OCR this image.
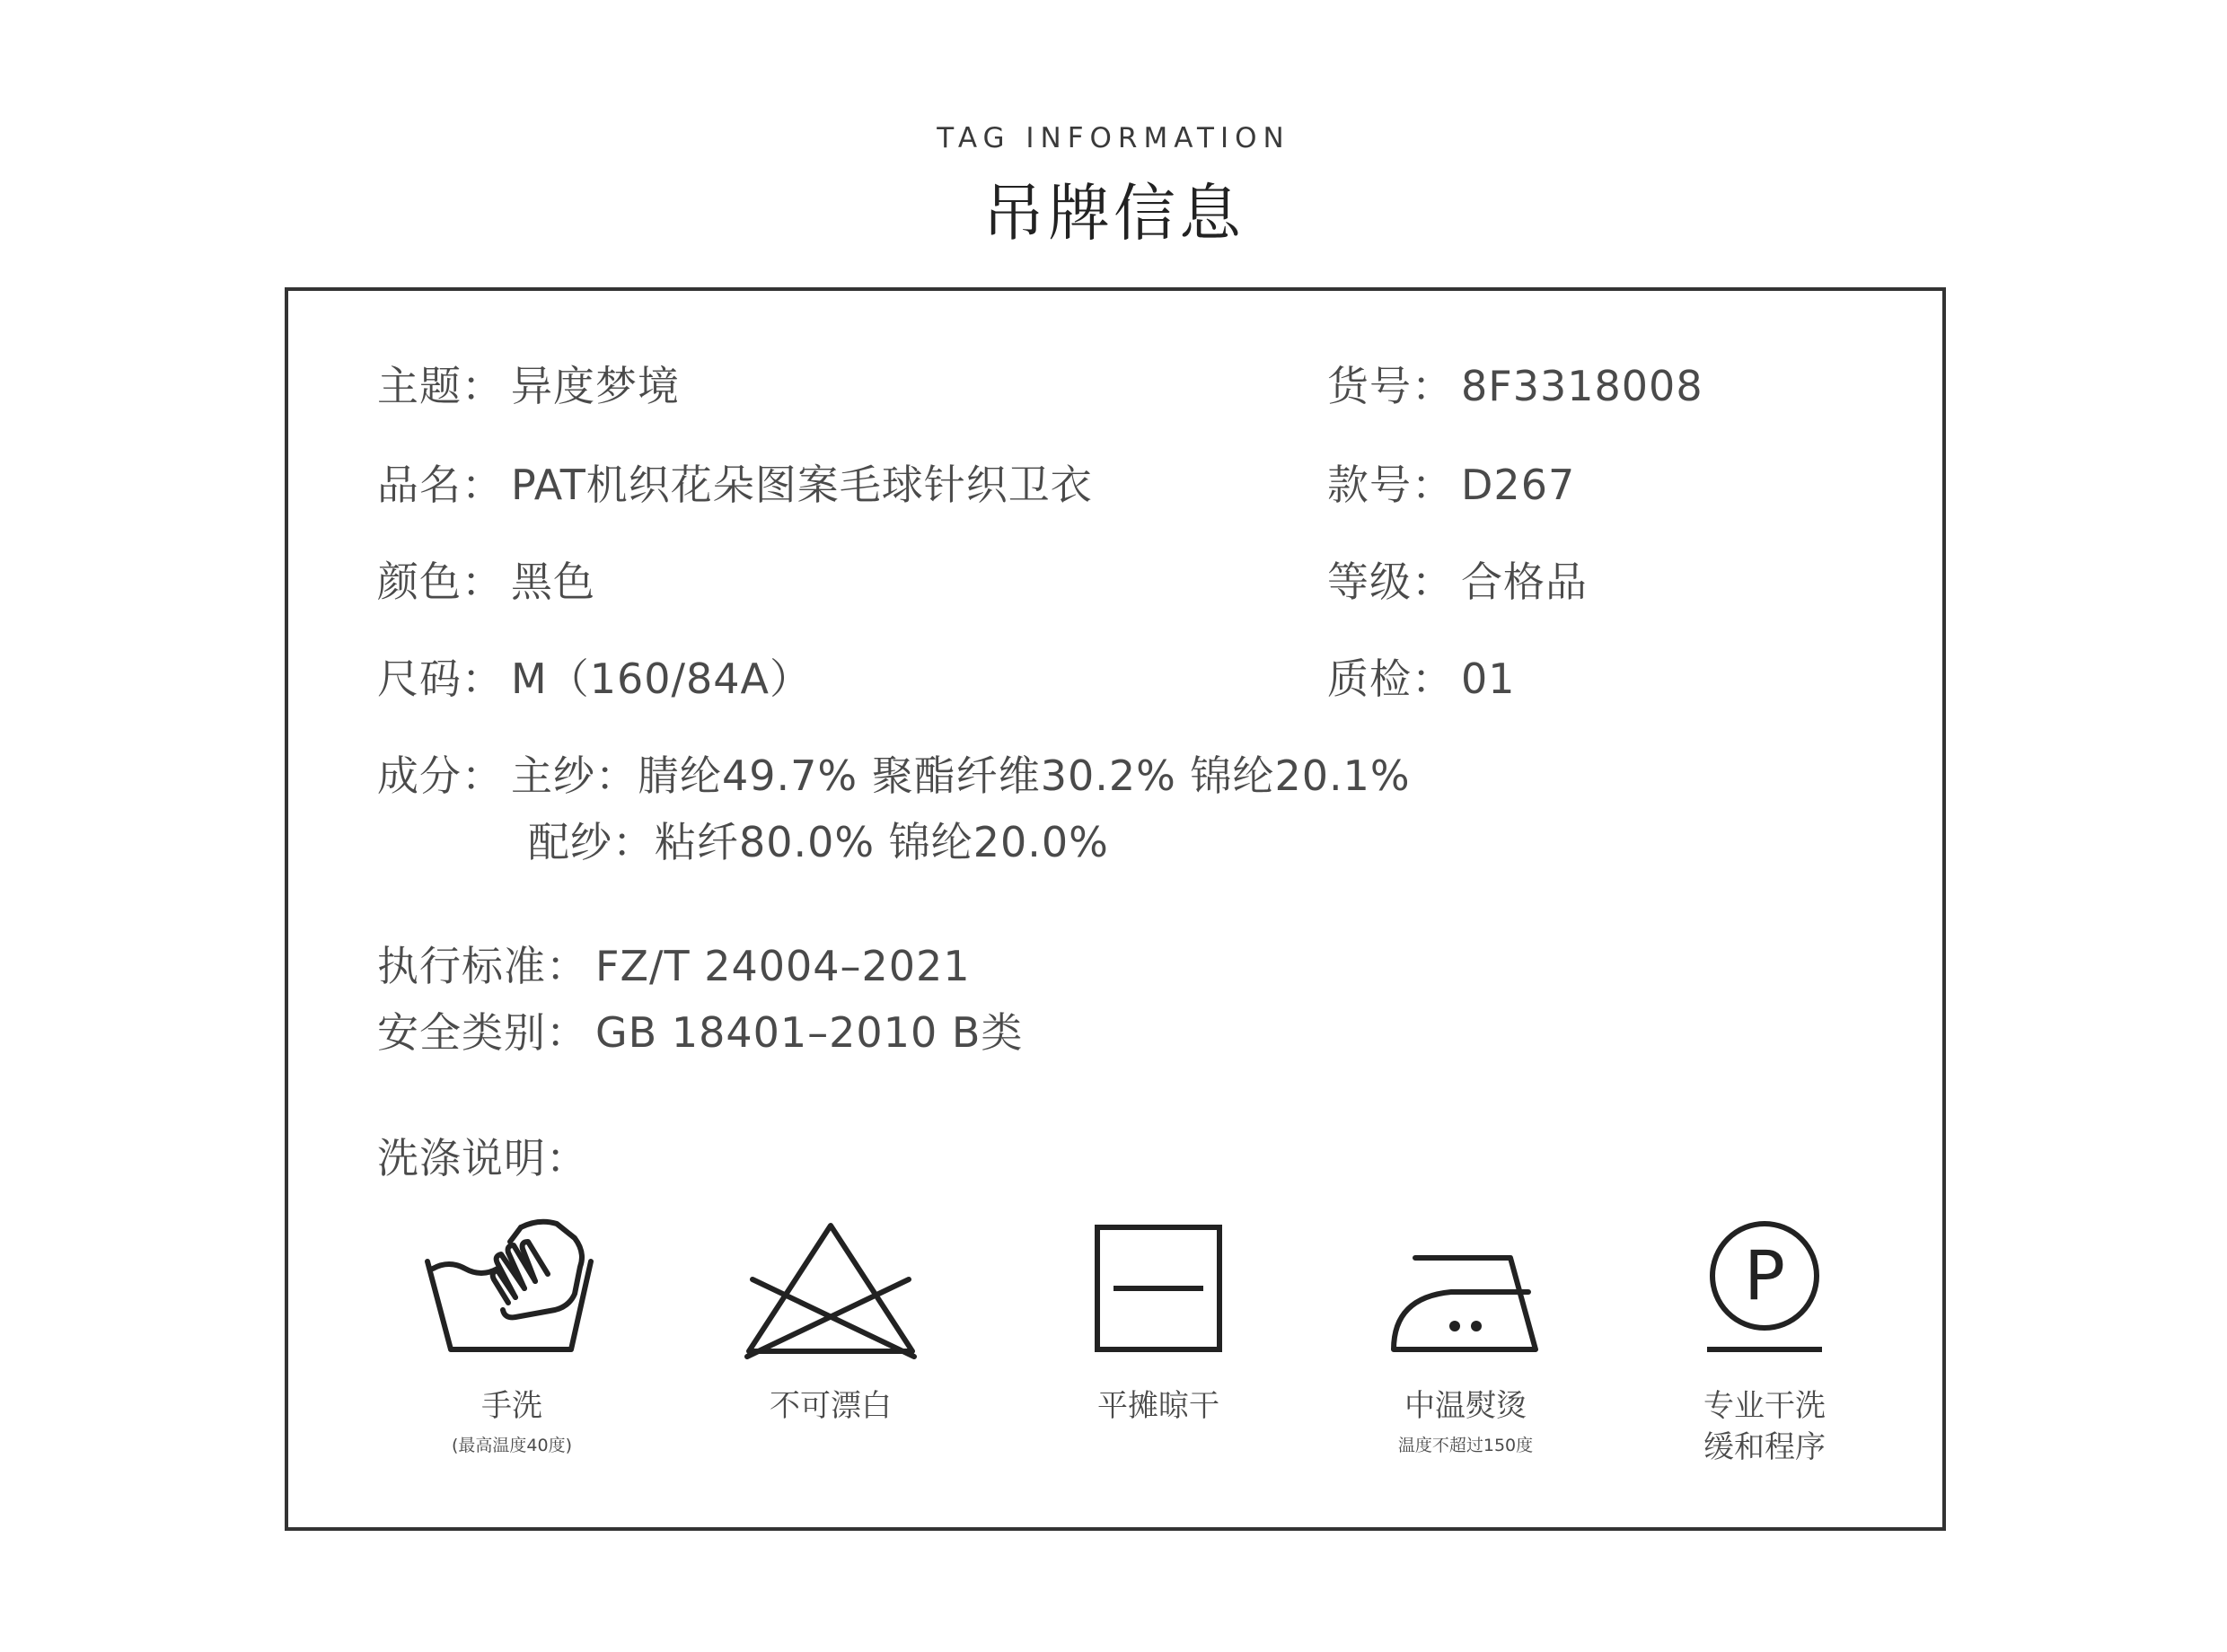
TAG INFORMATION
吊牌信息
主题： 异度梦境	货号： 8F3318008
品名： PAT机织花朵图案毛球针织卫衣	款号： D267
颜色： 黑色	等级： 合格品
尺码： M（160/84A）	质检： 01
成分： 主纱：腈纶49.7% 聚酯纤维30.2% 锦纶20.1%
配纱：粘纤80.0% 锦纶20.0%
执行标准： FZ/T 24004–2021
安全类别： GB 18401–2010 B类
洗涤说明：
手洗
(最高温度40度)
不可漂白	平摊晾干	中温熨烫
温度不超过150度
P
专业干洗
缓和程序
